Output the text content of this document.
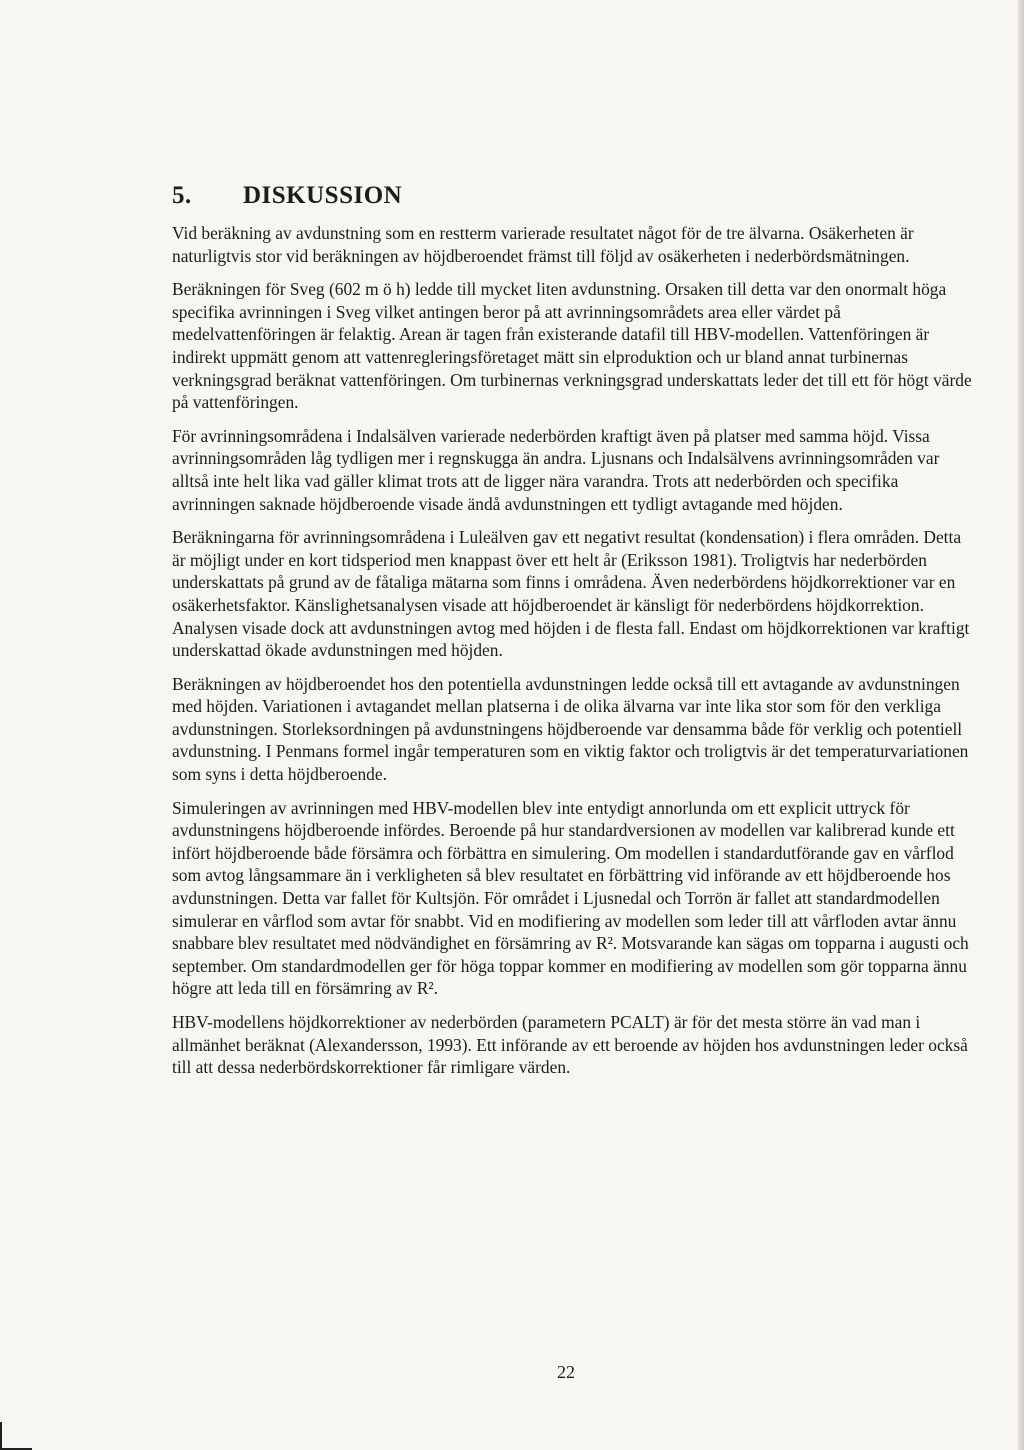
5.	DISKUSSION

Vid beräkning av avdunstning som en restterm varierade resultatet något för de tre älvarna. Osäkerheten är naturligtvis stor vid beräkningen av höjdberoendet främst till följd av osäkerheten i nederbördsmätningen.

Beräkningen för Sveg (602 m ö h) ledde till mycket liten avdunstning. Orsaken till detta var den onormalt höga specifika avrinningen i Sveg vilket antingen beror på att avrinningsområdets area eller värdet på medelvattenföringen är felaktig. Arean är tagen från existerande datafil till HBV-modellen. Vattenföringen är indirekt uppmätt genom att vattenregleringsföretaget mätt sin elproduktion och ur bland annat turbinernas verkningsgrad beräknat vattenföringen. Om turbinernas verkningsgrad underskattats leder det till ett för högt värde på vattenföringen.

För avrinningsområdena i Indalsälven varierade nederbörden kraftigt även på platser med samma höjd. Vissa avrinningsområden låg tydligen mer i regnskugga än andra. Ljusnans och Indalsälvens avrinningsområden var alltså inte helt lika vad gäller klimat trots att de ligger nära varandra. Trots att nederbörden och specifika avrinningen saknade höjdberoende visade ändå avdunstningen ett tydligt avtagande med höjden.

Beräkningarna för avrinningsområdena i Luleälven gav ett negativt resultat (kondensation) i flera områden. Detta är möjligt under en kort tidsperiod men knappast över ett helt år (Eriksson 1981). Troligtvis har nederbörden underskattats på grund av de fåtaliga mätarna som finns i områdena. Även nederbördens höjdkorrektioner var en osäkerhetsfaktor. Känslighetsanalysen visade att höjdberoendet är känsligt för nederbördens höjdkorrektion. Analysen visade dock att avdunstningen avtog med höjden i de flesta fall. Endast om höjdkorrektionen var kraftigt underskattad ökade avdunstningen med höjden.

Beräkningen av höjdberoendet hos den potentiella avdunstningen ledde också till ett avtagande av avdunstningen med höjden. Variationen i avtagandet mellan platserna i de olika älvarna var inte lika stor som för den verkliga avdunstningen. Storleksordningen på avdunstningens höjdberoende var densamma både för verklig och potentiell avdunstning. I Penmans formel ingår temperaturen som en viktig faktor och troligtvis är det temperaturvariationen som syns i detta höjdberoende.

Simuleringen av avrinningen med HBV-modellen blev inte entydigt annorlunda om ett explicit uttryck för avdunstningens höjdberoende infördes. Beroende på hur standardversionen av modellen var kalibrerad kunde ett infört höjdberoende både försämra och förbättra en simulering. Om modellen i standardutförande gav en vårflod som avtog långsammare än i verkligheten så blev resultatet en förbättring vid införande av ett höjdberoende hos avdunstningen. Detta var fallet för Kultsjön. För området i Ljusnedal och Torrön är fallet att standardmodellen simulerar en vårflod som avtar för snabbt. Vid en modifiering av modellen som leder till att vårfloden avtar ännu snabbare blev resultatet med nödvändighet en försämring av R². Motsvarande kan sägas om topparna i augusti och september. Om standardmodellen ger för höga toppar kommer en modifiering av modellen som gör topparna ännu högre att leda till en försämring av R².

HBV-modellens höjdkorrektioner av nederbörden (parametern PCALT) är för det mesta större än vad man i allmänhet beräknat (Alexandersson, 1993). Ett införande av ett beroende av höjden hos avdunstningen leder också till att dessa nederbördskorrektioner får rimligare värden.

22
